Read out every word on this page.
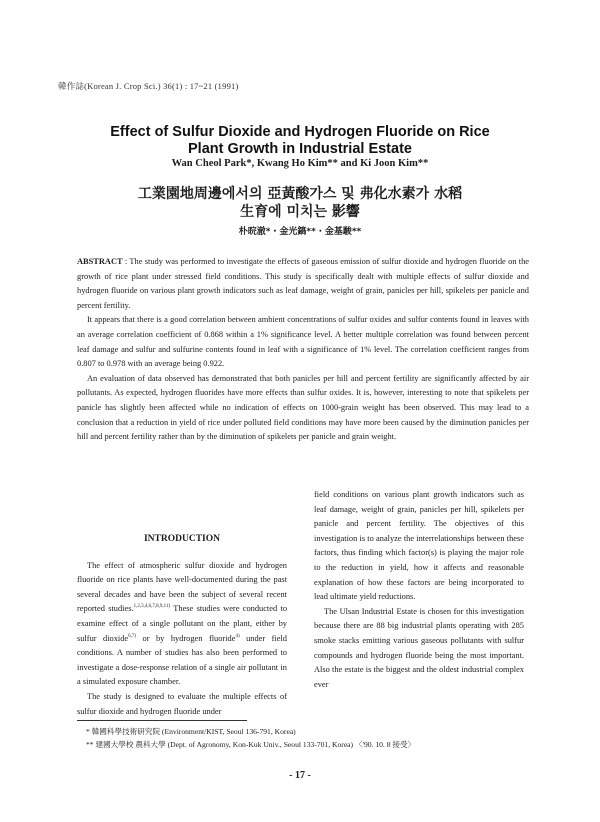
韓作誌(Korean J. Crop Sci.) 36(1) : 17~21 (1991)
Effect of Sulfur Dioxide and Hydrogen Fluoride on Rice
Plant Growth in Industrial Estate
Wan Cheol Park*, Kwang Ho Kim** and Ki Joon Kim**
工業園地周邊에서의 亞黃酸가스 및 弗化水素가 水稻
生育에 미치는 影響
朴晥澈*・金光鎬**・金基駿**

ABSTRACT : The study was performed to investigate the effects of gaseous emission of sulfur dioxide and hydrogen fluoride on the growth of rice plant under stressed field conditions. This study is specifically dealt with multiple effects of sulfur dioxide and hydrogen fluoride on various plant growth indicators such as leaf damage, weight of grain, panicles per hill, spikelets per panicle and percent fertility.

It appears that there is a good correlation between ambient concentrations of sulfur oxides and sulfur contents found in leaves with an average correlation coefficient of 0.868 within a 1% significance level. A better multiple correlation was found between percent leaf damage and sulfur and sulfurine contents found in leaf with a significance of 1% level. The correlation coefficient ranges from 0.807 to 0.978 with an average being 0.922.

An evaluation of data observed has demonstrated that both panicles per hill and percent fertility are significantly affected by air pollutants. As expected, hydrogen fluorides have more effects than sulfur oxides. It is, however, interesting to note that spikelets per panicle has slightly been affected while no indication of effects on 1000-grain weight has been observed. This may lead to a conclusion that a reduction in yield of rice under polluted field conditions may have more been caused by the diminution panicles per hill and percent fertility rather than by the diminution of spikelets per panicle and grain weight.

INTRODUCTION

The effect of atmospheric sulfur dioxide and hydrogen fluoride on rice plants have well-documented during the past several decades and have been the subject of several recent reported studies.$^{1,2,3,4,6,7,8,9,11)}$ These studies were conducted to examine effect of a single pollutant on the plant, either by sulfur dioxide$^{6,7)}$ or by hydrogen fluoride$^{4)}$ under field conditions. A number of studies has also been performed to investigate a dose-response relation of a single air pollutant in a simulated exposure chamber.

The study is designed to evaluate the multiple effects of sulfur dioxide and hydrogen fluoride under

field conditions on various plant growth indicators such as leaf damage, weight of grain, panicles per hill, spikelets per panicle and percent fertility. The objectives of this investigation is to analyze the interrelationships between these factors, thus finding which factor(s) is playing the major role to the reduction in yield, how it affects and reasonable explanation of how these factors are being incorporated to lead ultimate yield reductions.

The Ulsan Industrial Estate is chosen for this investigation because there are 88 big industrial plants operating with 285 smoke stacks emitting various gaseous pollutants with sulfur compounds and hydrogen fluoride being the most important. Also the estate is the biggest and the oldest industrial complex ever

* 韓國科學技術研究院 (Environment/KIST, Seoul 136-791, Korea)
** 建國大學校 農科大學 (Dept. of Agronomy, Kon-Kuk Univ., Seoul 133-701, Korea) 〈'90. 10. 8 接受〉
- 17 -
